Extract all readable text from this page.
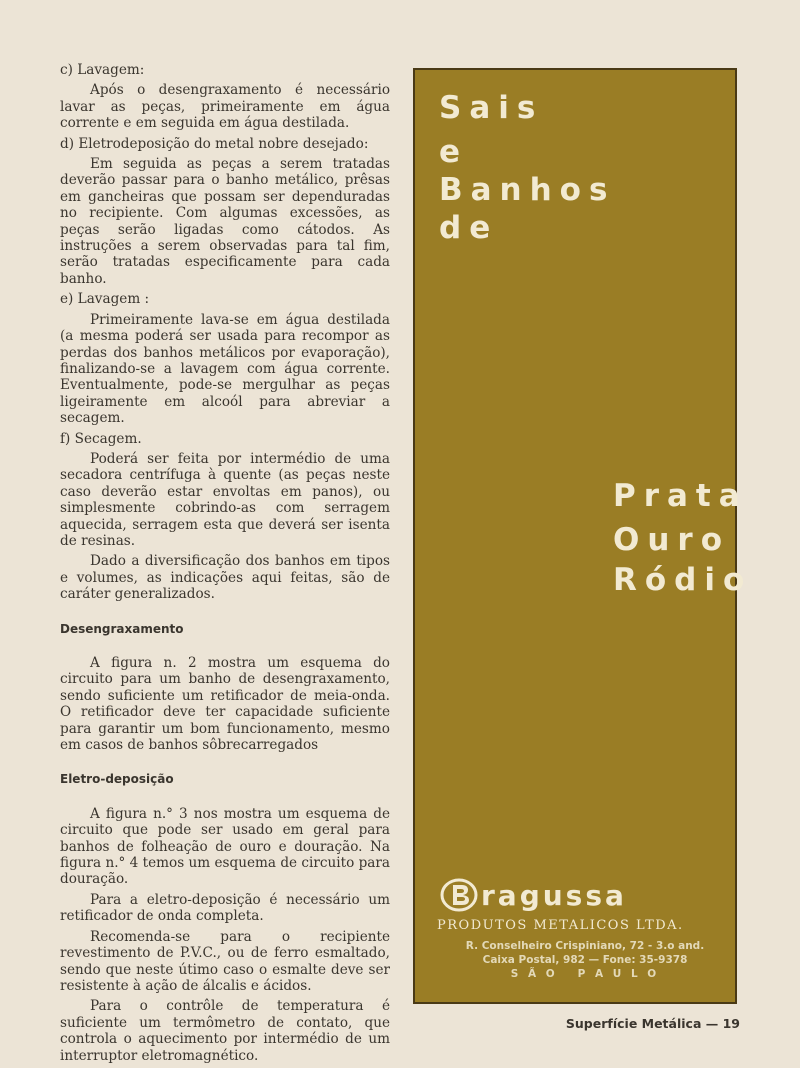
c) Lavagem:

Após o desengraxamento é necessário lavar as peças, primeiramente em água corrente e em seguida em água destilada.

d) Eletrodeposição do metal nobre desejado:

Em seguida as peças a serem tratadas deverão passar para o banho metálico, prêsas em gancheiras que possam ser dependuradas no recipiente. Com algumas excessões, as peças serão ligadas como cátodos. As instruções a serem observadas para tal fim, serão tratadas especificamente para cada banho.

e) Lavagem :

Primeiramente lava-se em água destilada (a mesma poderá ser usada para recompor as perdas dos banhos metálicos por evaporação), finalizando-se a lavagem com água corrente. Eventualmente, pode-se mergulhar as peças ligeiramente em alcoól para abreviar a secagem.

f) Secagem.

Poderá ser feita por intermédio de uma secadora centrífuga à quente (as peças neste caso deverão estar envoltas em panos), ou simplesmente cobrindo-as com serragem aquecida, serragem esta que deverá ser isenta de resinas.

Dado a diversificação dos banhos em tipos e volumes, as indicações aqui feitas, são de caráter generalizados.

Desengraxamento

A figura n. 2 mostra um esquema do circuito para um banho de desengraxamento, sendo suficiente um retificador de meia-onda. O retificador deve ter capacidade suficiente para garantir um bom funcionamento, mesmo em casos de banhos sôbrecarregados

Eletro-deposição

A figura n.° 3 nos mostra um esquema de circuito que pode ser usado em geral para banhos de folheação de ouro e douração. Na figura n.° 4 temos um esquema de circuito para douração.

Para a eletro-deposição é necessário um retificador de onda completa.

Recomenda-se para o recipiente revestimento de P.V.C., ou de ferro esmaltado, sendo que neste útimo caso o esmalte deve ser resistente à ação de álcalis e ácidos.

Para o contrôle de temperatura é suficiente um termômetro de contato, que controla o aquecimento por intermédio de um interruptor eletromagnético.

Sais
e
Banhos
de
Prata
Ouro
Ródio
ragussa
PRODUTOS METALICOS LTDA.
R. Conselheiro Crispiniano, 72 - 3.o and.
Caixa Postal, 982 — Fone: 35-9378
S Ã O   P A U L O
Superfície Metálica — 19
